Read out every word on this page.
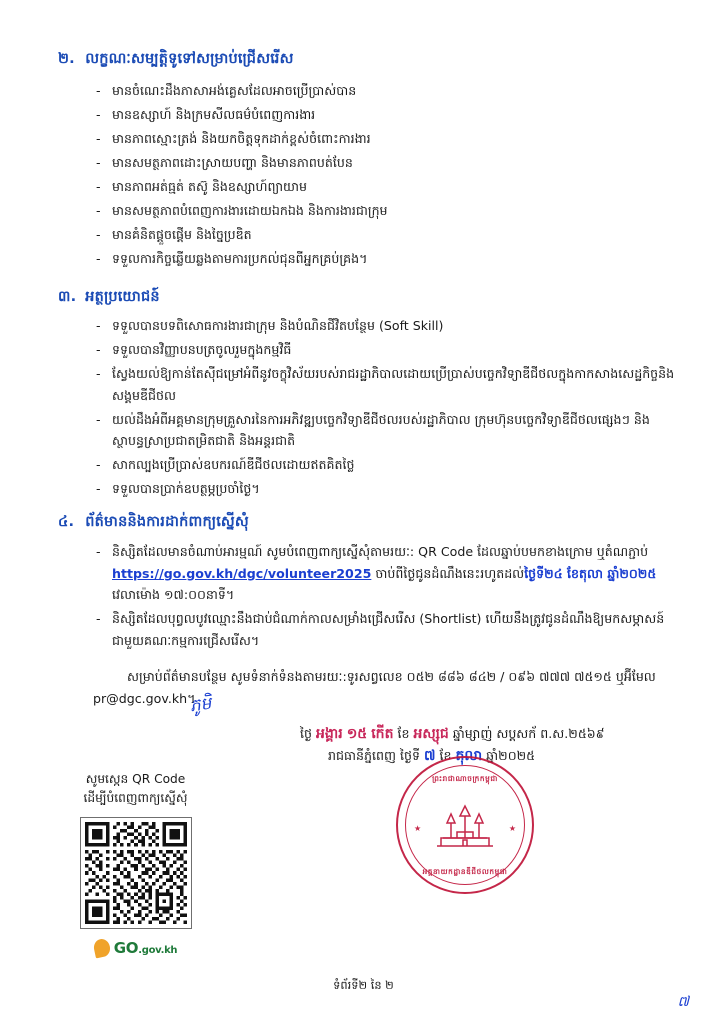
២. លក្ខណៈសម្បត្តិទូទៅសម្រាប់ជ្រើសរើស
- មានចំណេះដឹងភាសាអង់គ្លេសដែលអាចប្រើប្រាស់បាន
- មានឧស្សាហ៍ និងក្រមសីលធម៌បំពេញការងារ
- មានភាពស្មោះត្រង់ និងយកចិត្តទុកដាក់ខ្ពស់ចំពោះការងារ
- មានសមត្ថភាពដោះស្រាយបញ្ហា និងមានភាពបត់បែន
- មានភាពអត់ធ្មត់ តស៊ូ និងឧស្សាហ៍ព្យាយាម
- មានសមត្ថភាពបំពេញការងារដោយឯកឯង និងការងារជាក្រុម
- មានគំនិតផ្ដួចផ្ដើម និងច្នៃប្រឌិត
- ទទួលការកិច្ចឆ្លើយឆ្លងតាមការប្រកល់ជុនពីអ្នកគ្រប់គ្រង។
៣. អត្ថប្រយោជន៍
- ទទួលបានបទពិសោធការងារជាក្រុម និងបំណិនជីវិតបន្ថែម (Soft Skill)
- ទទួលបានវិញ្ញាបនបត្រចូលរួមក្នុងកម្មវិធី
- ស្វែងយល់ឱ្យកាន់តែស៊ីជម្រៅអំពីនូវចក្ខុវិស័យរបស់រាជរដ្ឋាភិបាលដោយប្រើប្រាស់បច្ចេកវិទ្យាឌីជីថលក្នុងកាកសាងសេដ្ឋកិច្ចនិងសង្គមឌីជីថល
- យល់ដឹងអំពីអគ្គមានក្រុមគ្រួសារនៃការអភិវឌ្ឍបច្ចេកវិទ្យាឌីជីថលរបស់រដ្ឋាភិបាល ក្រុមហ៊ុនបច្ចេកវិទ្យាឌីជីថលផ្សេងៗ និងស្ថាបន្ធស្រាប្រជាតម្រិតជាតិ និងអន្តរជាតិ
- សាកល្បងប្រើប្រាស់ឧបករណ៍ឌីជីថលដោយឥតគិតថ្លៃ
- ទទួលបានប្រាក់ឧបត្ថម្ភប្រចាំថ្ងៃ។
៤. ព័ត៌មាននិងការដាក់ពាក្យស្នើសុំ
- និស្សិតដែលមានចំណាប់អារម្មណ៍ សូមបំពេញពាក្យស្នើសុំតាមរយៈ: QR Code ដែលឆ្នាប់បមកខាងក្រោម ឬតំណភ្ជាប់ https://go.gov.kh/dgc/volunteer2025 ចាប់ពីថ្ងៃជូនដំណឹងនេះរហូតដល់ថ្ងៃទី២៤ ខែតុលា ឆ្នាំ២០២៥ វេលាម៉ោង ១៧:០០នាទី។
- និស្សិតដែលបុព្វលបូវឈ្មោះនឹងជាប់ជំណាក់កាលសម្រាំងជ្រើសរើស (Shortlist) ហើយនឹងត្រូវជូនដំណឹងឱ្យមកសម្ភាសន៍ជាមួយគណៈកម្មការជ្រើសរើស។
សម្រាប់ព័ត៌មានបន្ថែម សូមទំនាក់ទំនងតាមរយៈ:ទូរសព្វលេខ ០៥២ ៨៨៦ ៨៤២ / ០៩៦ ៧៧៧ ៧៥១៥ ឬអ៊ីមែល pr@dgc.gov.kh។
ភូមិ
ថ្ងៃ អង្គារ ១៥ កើត ខែ អស្សុជ ឆ្នាំម្សាញ់ សប្ដសក័ ព.ស.២៥៦៩
រាជធានីភ្នំពេញ ថ្ងៃទី ៧ ខែ តុលា ឆ្នាំ២០២៥
ព្រះរាជាណាចក្រកម្ពុជា
អគ្គនាយកដ្ឋានឌីជីថលកម្ពុជា
★	★
សូមស្កេន QR Code
ដើម្បីបំពេញពាក្យស្នើសុំ
GO.gov.kh
ទំព័រទី២ នៃ ២
៧
